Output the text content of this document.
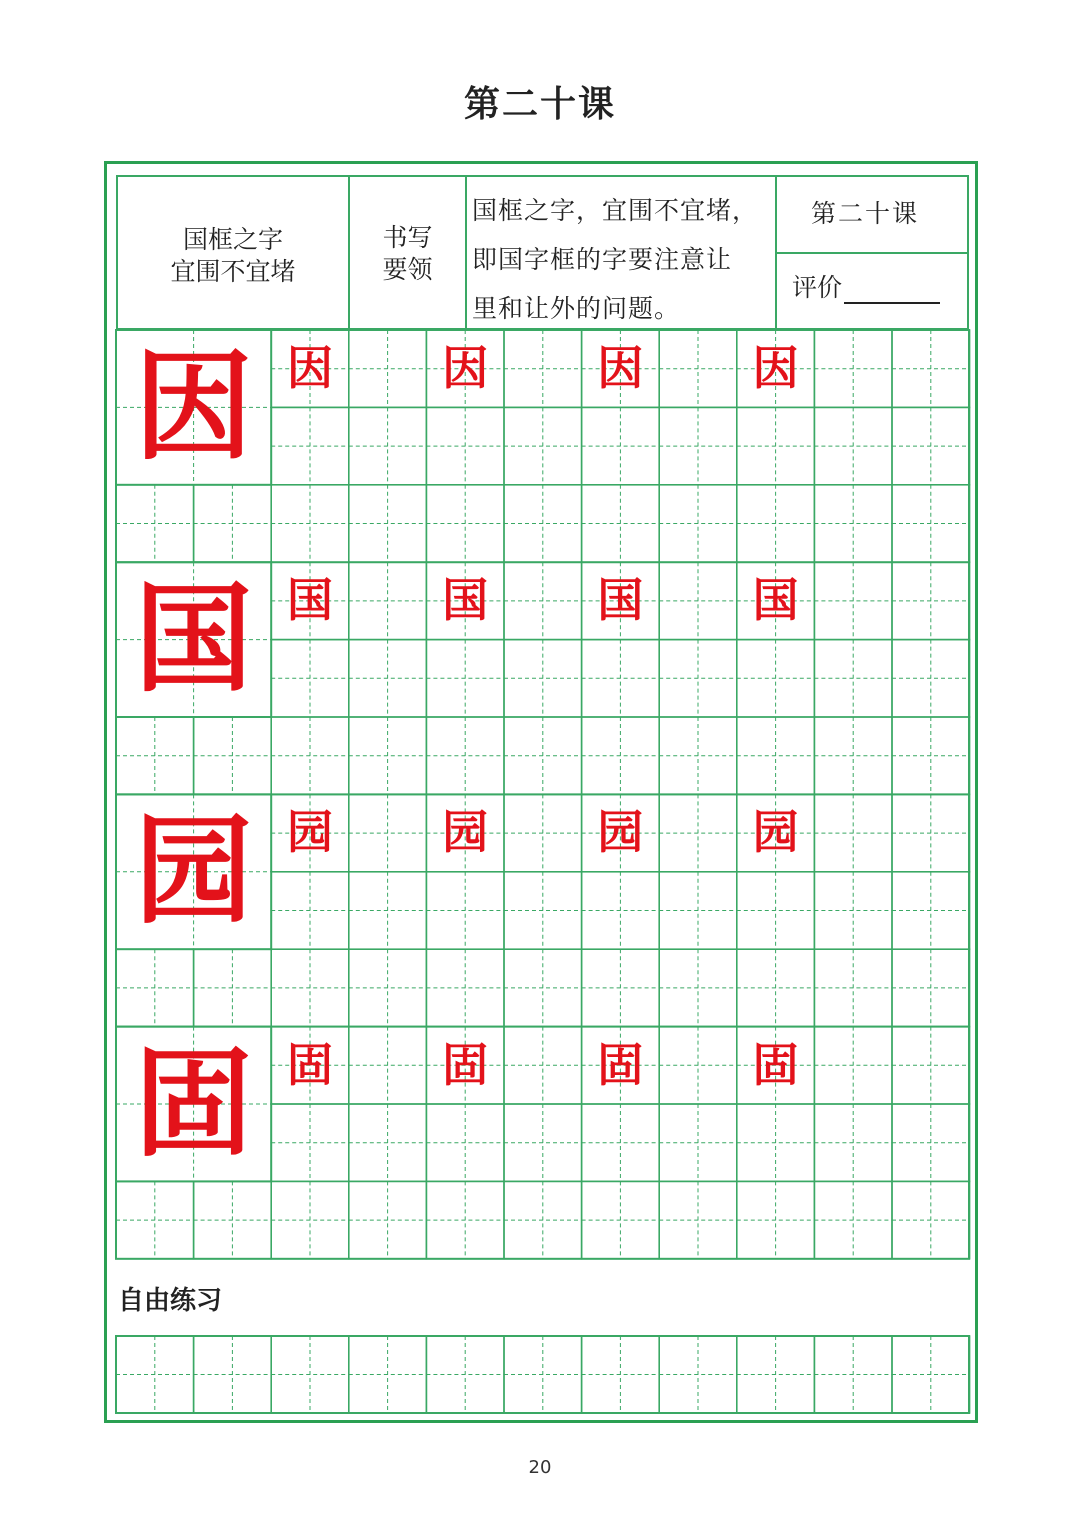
第二十课
国框之字
宜围不宜堵
书写
要领
国框之字，宜围不宜堵，
即国字框的字要注意让
里和让外的问题。
第二十课
评价
因
国
园
固
因 因 因 因
国 国 国 国
园 园 园 园
固 固 固 固
自由练习
20
